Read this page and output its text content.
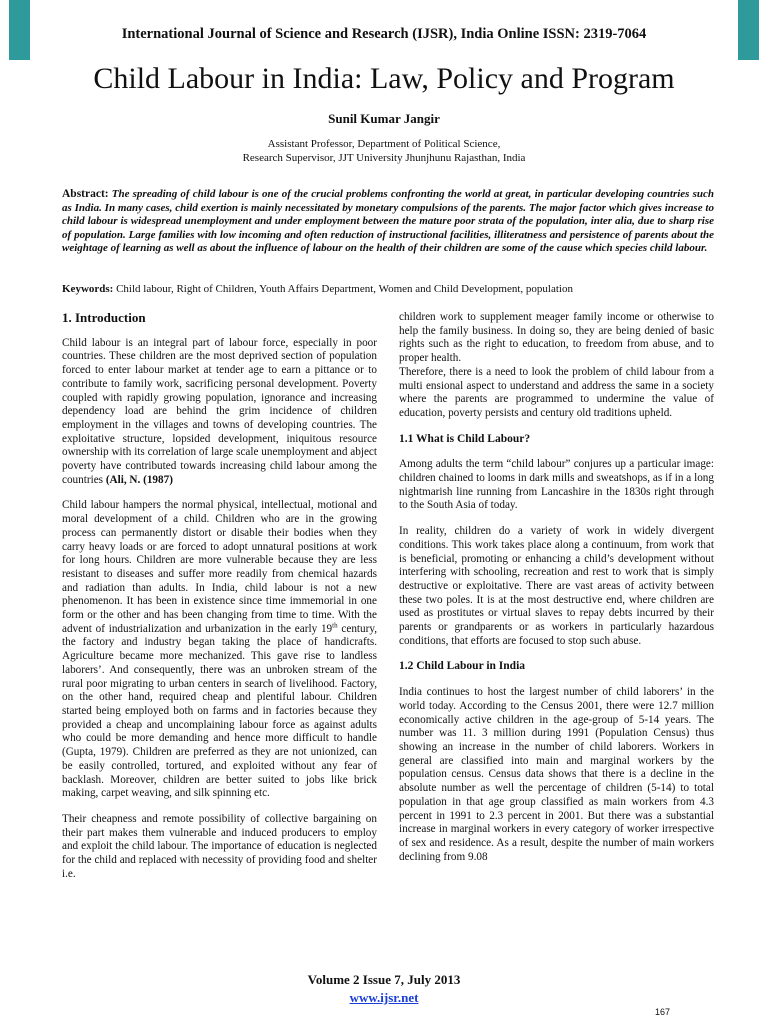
International Journal of Science and Research (IJSR), India Online ISSN: 2319-7064
Child Labour in India: Law, Policy and Program
Sunil Kumar Jangir
Assistant Professor, Department of Political Science,
Research Supervisor, JJT University Jhunjhunu Rajasthan, India
Abstract: The spreading of child labour is one of the crucial problems confronting the world at great, in particular developing countries such as India. In many cases, child exertion is mainly necessitated by monetary compulsions of the parents. The major factor which gives increase to child labour is widespread unemployment and under employment between the mature poor strata of the population, inter alia, due to sharp rise of population. Large families with low incoming and often reduction of instructional facilities, illiteratness and persistence of parents about the weightage of learning as well as about the influence of labour on the health of their children are some of the cause which species child labour.
Keywords: Child labour, Right of Children, Youth Affairs Department, Women and Child Development, population
1. Introduction

Child labour is an integral part of labour force, especially in poor countries. These children are the most deprived section of population forced to enter labour market at tender age to earn a pittance or to contribute to family work, sacrificing personal development. Poverty coupled with rapidly growing population, ignorance and increasing dependency load are behind the grim incidence of children employment in the villages and towns of developing countries. The exploitative structure, lopsided development, iniquitous resource ownership with its correlation of large scale unemployment and abject poverty have contributed towards increasing child labour among the countries (Ali, N. (1987)

Child labour hampers the normal physical, intellectual, motional and moral development of a child. Children who are in the growing process can permanently distort or disable their bodies when they carry heavy loads or are forced to adopt unnatural positions at work for long hours. Children are more vulnerable because they are less resistant to diseases and suffer more readily from chemical hazards and radiation than adults. In India, child labour is not a new phenomenon. It has been in existence since time immemorial in one form or the other and has been changing from time to time. With the advent of industrialization and urbanization in the early 19th century, the factory and industry began taking the place of handicrafts. Agriculture became more mechanized. This gave rise to landless laborers’. And consequently, there was an unbroken stream of the rural poor migrating to urban centers in search of livelihood. Factory, on the other hand, required cheap and plentiful labour. Children started being employed both on farms and in factories because they provided a cheap and uncomplaining labour force as against adults who could be more demanding and hence more difficult to handle (Gupta, 1979). Children are preferred as they are not unionized, can be easily controlled, tortured, and exploited without any fear of backlash. Moreover, children are better suited to jobs like brick making, carpet weaving, and silk spinning etc.

Their cheapness and remote possibility of collective bargaining on their part makes them vulnerable and induced producers to employ and exploit the child labour. The importance of education is neglected for the child and replaced with necessity of providing food and shelter i.e.

children work to supplement meager family income or otherwise to help the family business. In doing so, they are being denied of basic rights such as the right to education, to freedom from abuse, and to proper health.

Therefore, there is a need to look the problem of child labour from a multi ensional aspect to understand and address the same in a society where the parents are programmed to undermine the value of education, poverty persists and century old traditions upheld.

1.1 What is Child Labour?

Among adults the term “child labour” conjures up a particular image: children chained to looms in dark mills and sweatshops, as if in a long nightmarish line running from Lancashire in the 1830s right through to the South Asia of today.

In reality, children do a variety of work in widely divergent conditions. This work takes place along a continuum, from work that is beneficial, promoting or enhancing a child’s development without interfering with schooling, recreation and rest to work that is simply destructive or exploitative. There are vast areas of activity between these two poles. It is at the most destructive end, where children are used as prostitutes or virtual slaves to repay debts incurred by their parents or grandparents or as workers in particularly hazardous conditions, that efforts are focused to stop such abuse.

1.2 Child Labour in India

India continues to host the largest number of child laborers’ in the world today. According to the Census 2001, there were 12.7 million economically active children in the age-group of 5-14 years. The number was 11. 3 million during 1991 (Population Census) thus showing an increase in the number of child laborers. Workers in general are classified into main and marginal workers by the population census. Census data shows that there is a decline in the absolute number as well the percentage of children (5-14) to total population in that age group classified as main workers from 4.3 percent in 1991 to 2.3 percent in 2001. But there was a substantial increase in marginal workers in every category of worker irrespective of sex and residence. As a result, despite the number of main workers declining from 9.08

Volume 2 Issue 7, July 2013
www.ijsr.net
167
